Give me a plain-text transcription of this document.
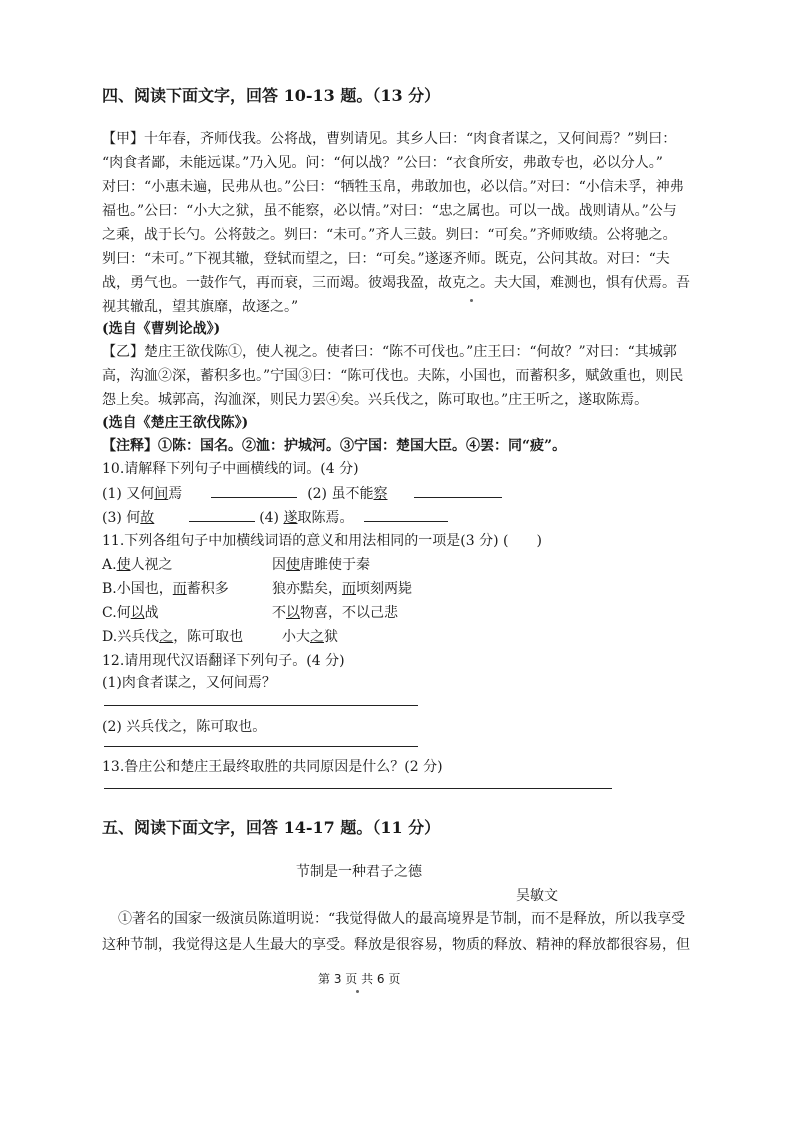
四、阅读下面文字，回答 10-13 题。（13 分）
【甲】十年春，齐师伐我。公将战，曹刿请见。其乡人曰：“肉食者谋之，又何间焉？”刿曰：
“肉食者鄙，未能远谋。”乃入见。问：“何以战？”公曰：“衣食所安，弗敢专也，必以分人。”
对曰：“小惠未遍，民弗从也。”公曰：“牺牲玉帛，弗敢加也，必以信。”对曰：“小信未孚，神弗
福也。”公曰：“小大之狱，虽不能察，必以情。”对曰：“忠之属也。可以一战。战则请从。”公与
之乘，战于长勺。公将鼓之。刿曰：“未可。”齐人三鼓。刿曰：“可矣。”齐师败绩。公将驰之。
刿曰：“未可。”下视其辙，登轼而望之，曰：“可矣。”遂逐齐师。既克，公问其故。对曰：“夫
战，勇气也。一鼓作气，再而衰，三而竭。彼竭我盈，故克之。夫大国，难测也，惧有伏焉。吾
视其辙乱，望其旗靡，故逐之。”
(选自《曹刿论战》)
【乙】楚庄王欲伐陈①，使人视之。使者曰：“陈不可伐也。”庄王曰：“何故？”对曰：“其城郭
高，沟洫②深，蓄积多也。”宁国③曰：“陈可伐也。夫陈，小国也，而蓄积多，赋敛重也，则民
怨上矣。城郭高，沟洫深，则民力罢④矣。兴兵伐之，陈可取也。”庄王听之，遂取陈焉。
(选自《楚庄王欲伐陈》)
【注释】①陈：国名。②洫：护城河。③宁国：楚国大臣。④罢：同“疲”。
10.请解释下列句子中画横线的词。(4 分)
(1) 又何间焉	(2) 虽不能察
(3) 何故	(4) 遂取陈焉。
11.下列各组句子中加横线词语的意义和用法相同的一项是(3 分) (　　)
A.使人视之	因使唐雎使于秦
B.小国也，而蓄积多	狼亦黠矣，而顷刻两毙
C.何以战	不以物喜，不以己悲
D.兴兵伐之，陈可取也	小大之狱
12.请用现代汉语翻译下列句子。(4 分)
(1)肉食者谋之，又何间焉？
(2) 兴兵伐之，陈可取也。
13.鲁庄公和楚庄王最终取胜的共同原因是什么？(2 分)
五、阅读下面文字，回答 14-17 题。（11 分）
节制是一种君子之德
吴敏文
①著名的国家一级演员陈道明说：“我觉得做人的最高境界是节制，而不是释放，所以我享受
这种节制，我觉得这是人生最大的享受。释放是很容易，物质的释放、精神的释放都很容易，但
第 3 页 共 6 页
